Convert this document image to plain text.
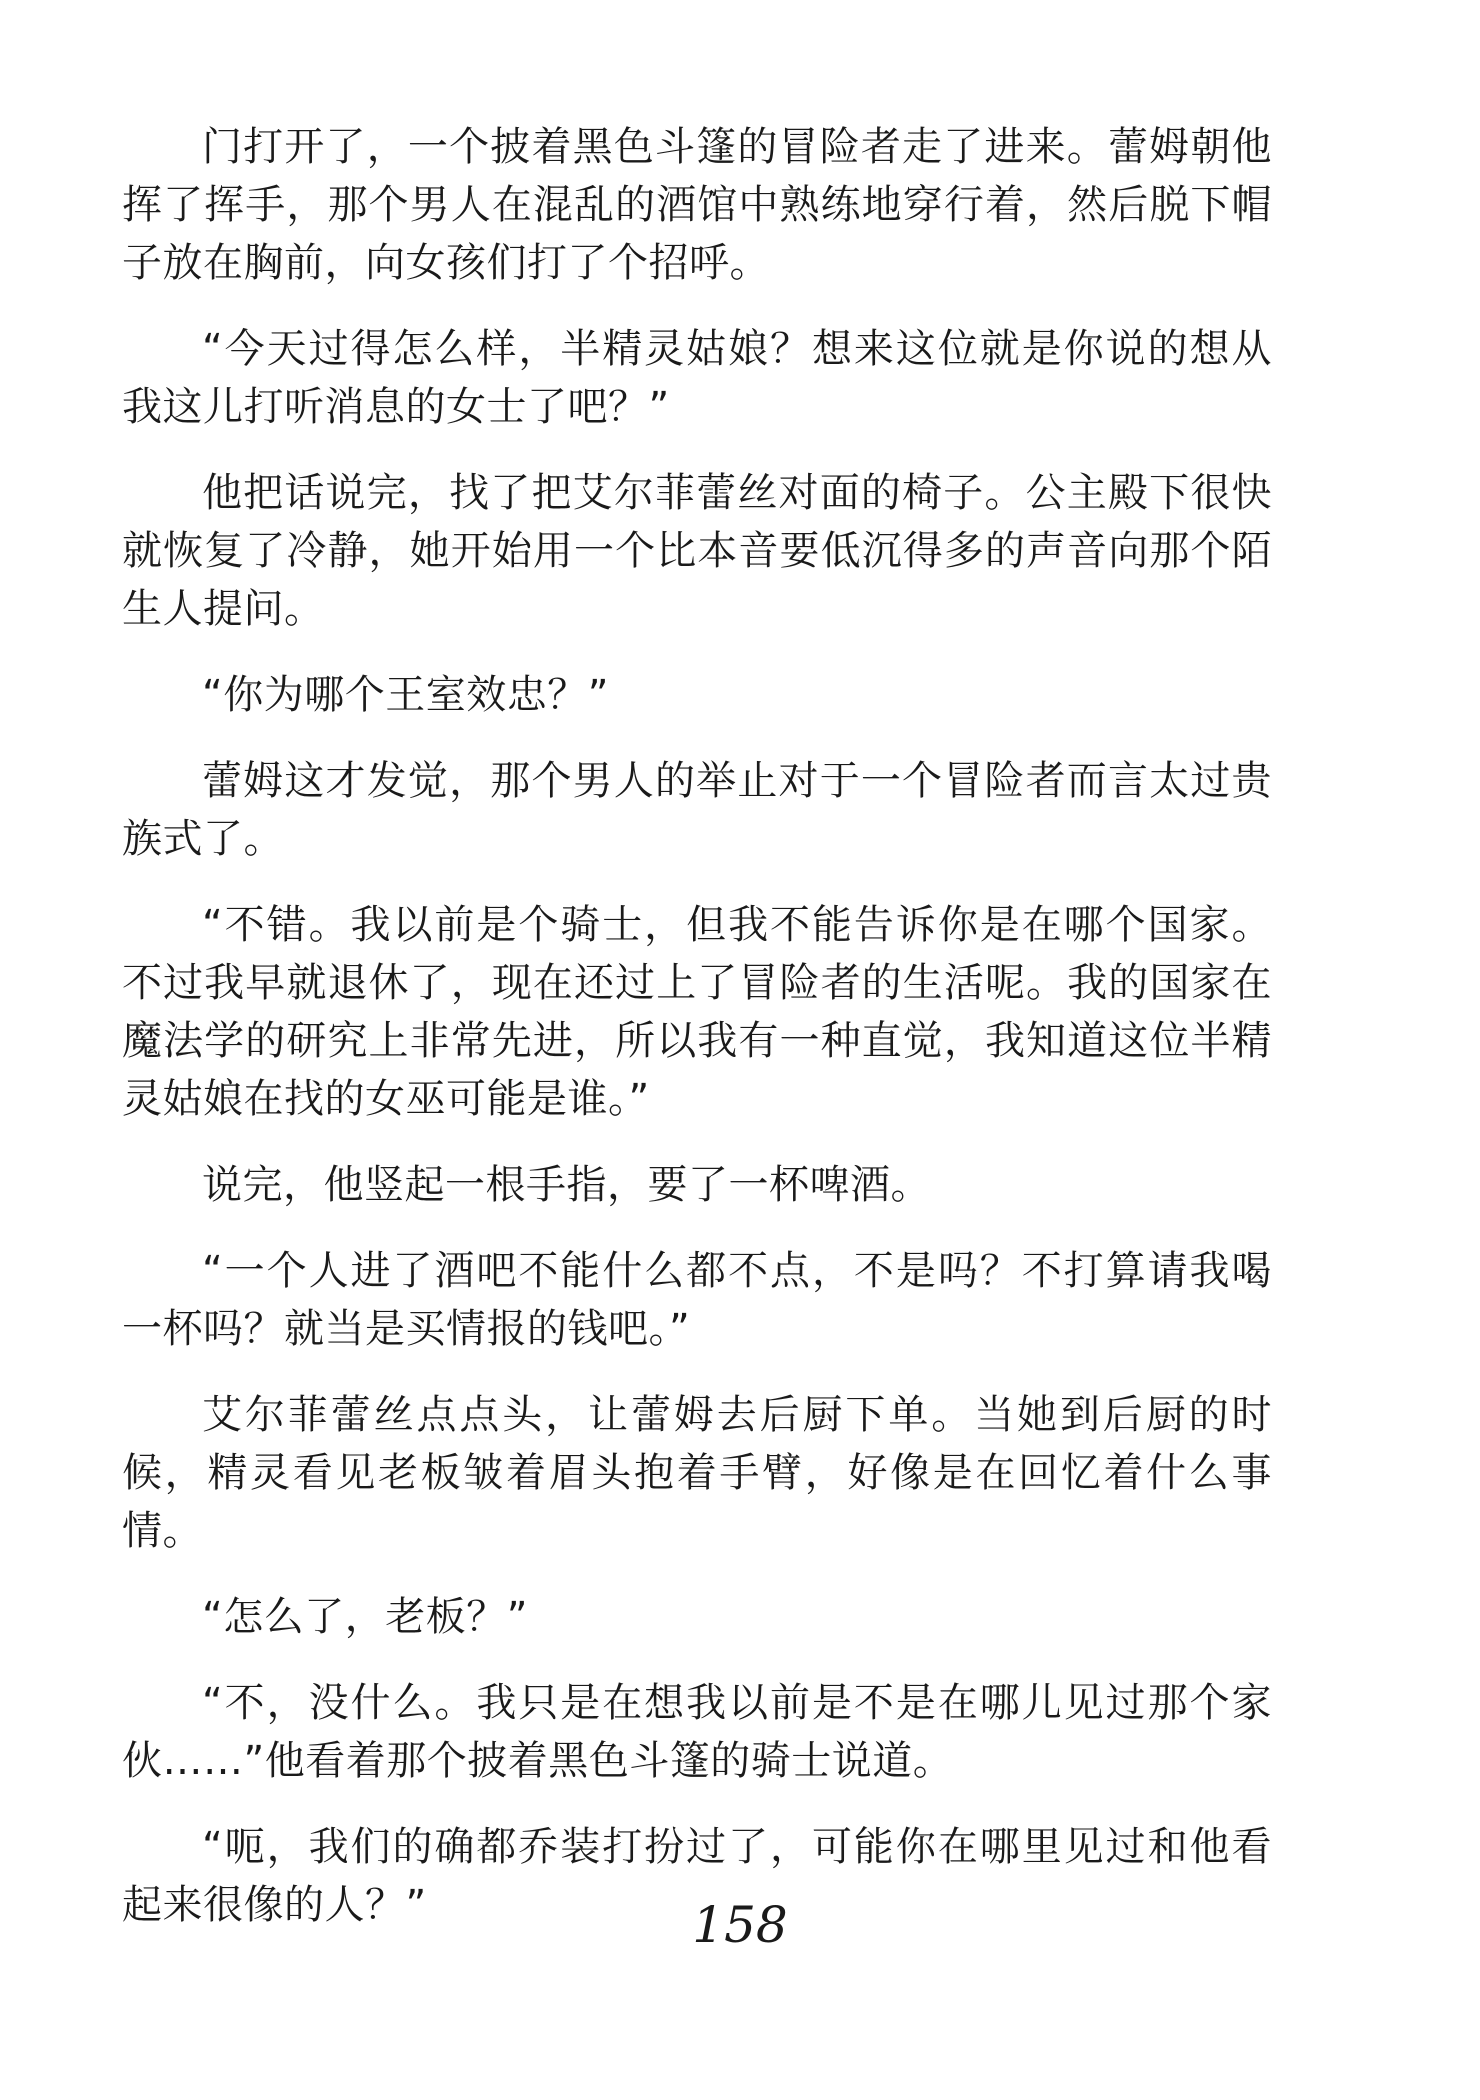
门打开了，一个披着黑色斗篷的冒险者走了进来。蕾姆朝他挥了挥手，那个男人在混乱的酒馆中熟练地穿行着，然后脱下帽子放在胸前，向女孩们打了个招呼。

“今天过得怎么样，半精灵姑娘？想来这位就是你说的想从我这儿打听消息的女士了吧？”

他把话说完，找了把艾尔菲蕾丝对面的椅子。公主殿下很快就恢复了冷静，她开始用一个比本音要低沉得多的声音向那个陌生人提问。

“你为哪个王室效忠？”

蕾姆这才发觉，那个男人的举止对于一个冒险者而言太过贵族式了。

“不错。我以前是个骑士，但我不能告诉你是在哪个国家。不过我早就退休了，现在还过上了冒险者的生活呢。我的国家在魔法学的研究上非常先进，所以我有一种直觉，我知道这位半精灵姑娘在找的女巫可能是谁。”

说完，他竖起一根手指，要了一杯啤酒。

“一个人进了酒吧不能什么都不点，不是吗？不打算请我喝一杯吗？就当是买情报的钱吧。”

艾尔菲蕾丝点点头，让蕾姆去后厨下单。当她到后厨的时候，精灵看见老板皱着眉头抱着手臂，好像是在回忆着什么事情。

“怎么了，老板？”

“不，没什么。我只是在想我以前是不是在哪儿见过那个家伙……”他看着那个披着黑色斗篷的骑士说道。

“呃，我们的确都乔装打扮过了，可能你在哪里见过和他看起来很像的人？”	158
